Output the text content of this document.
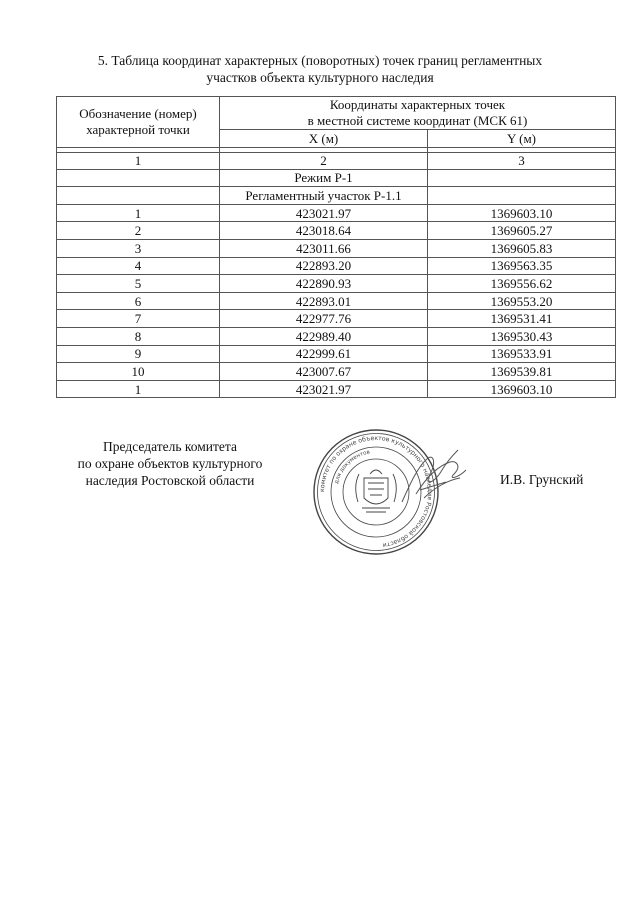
5. Таблица координат характерных (поворотных) точек границ регламентных
участков объекта культурного наследия
Обозначение (номер)
характерной точки	Координаты характерных точек
в местной системе координат (МСК 61)	

	X (м)	Y (м)

1	2	3
	Режим Р-1	
	Регламентный участок Р-1.1	
1	423021.97	1369603.10
2	423018.64	1369605.27
3	423011.66	1369605.83
4	422893.20	1369563.35
5	422890.93	1369556.62
6	422893.01	1369553.20
7	422977.76	1369531.41
8	422989.40	1369530.43
9	422999.61	1369533.91
10	423007.67	1369539.81
1	423021.97	1369603.10
Председатель комитета
по охране объектов культурного
наследия Ростовской области
комитет по охране объектов культурного наследия Ростовской области
для документов
И.В. Грунский
